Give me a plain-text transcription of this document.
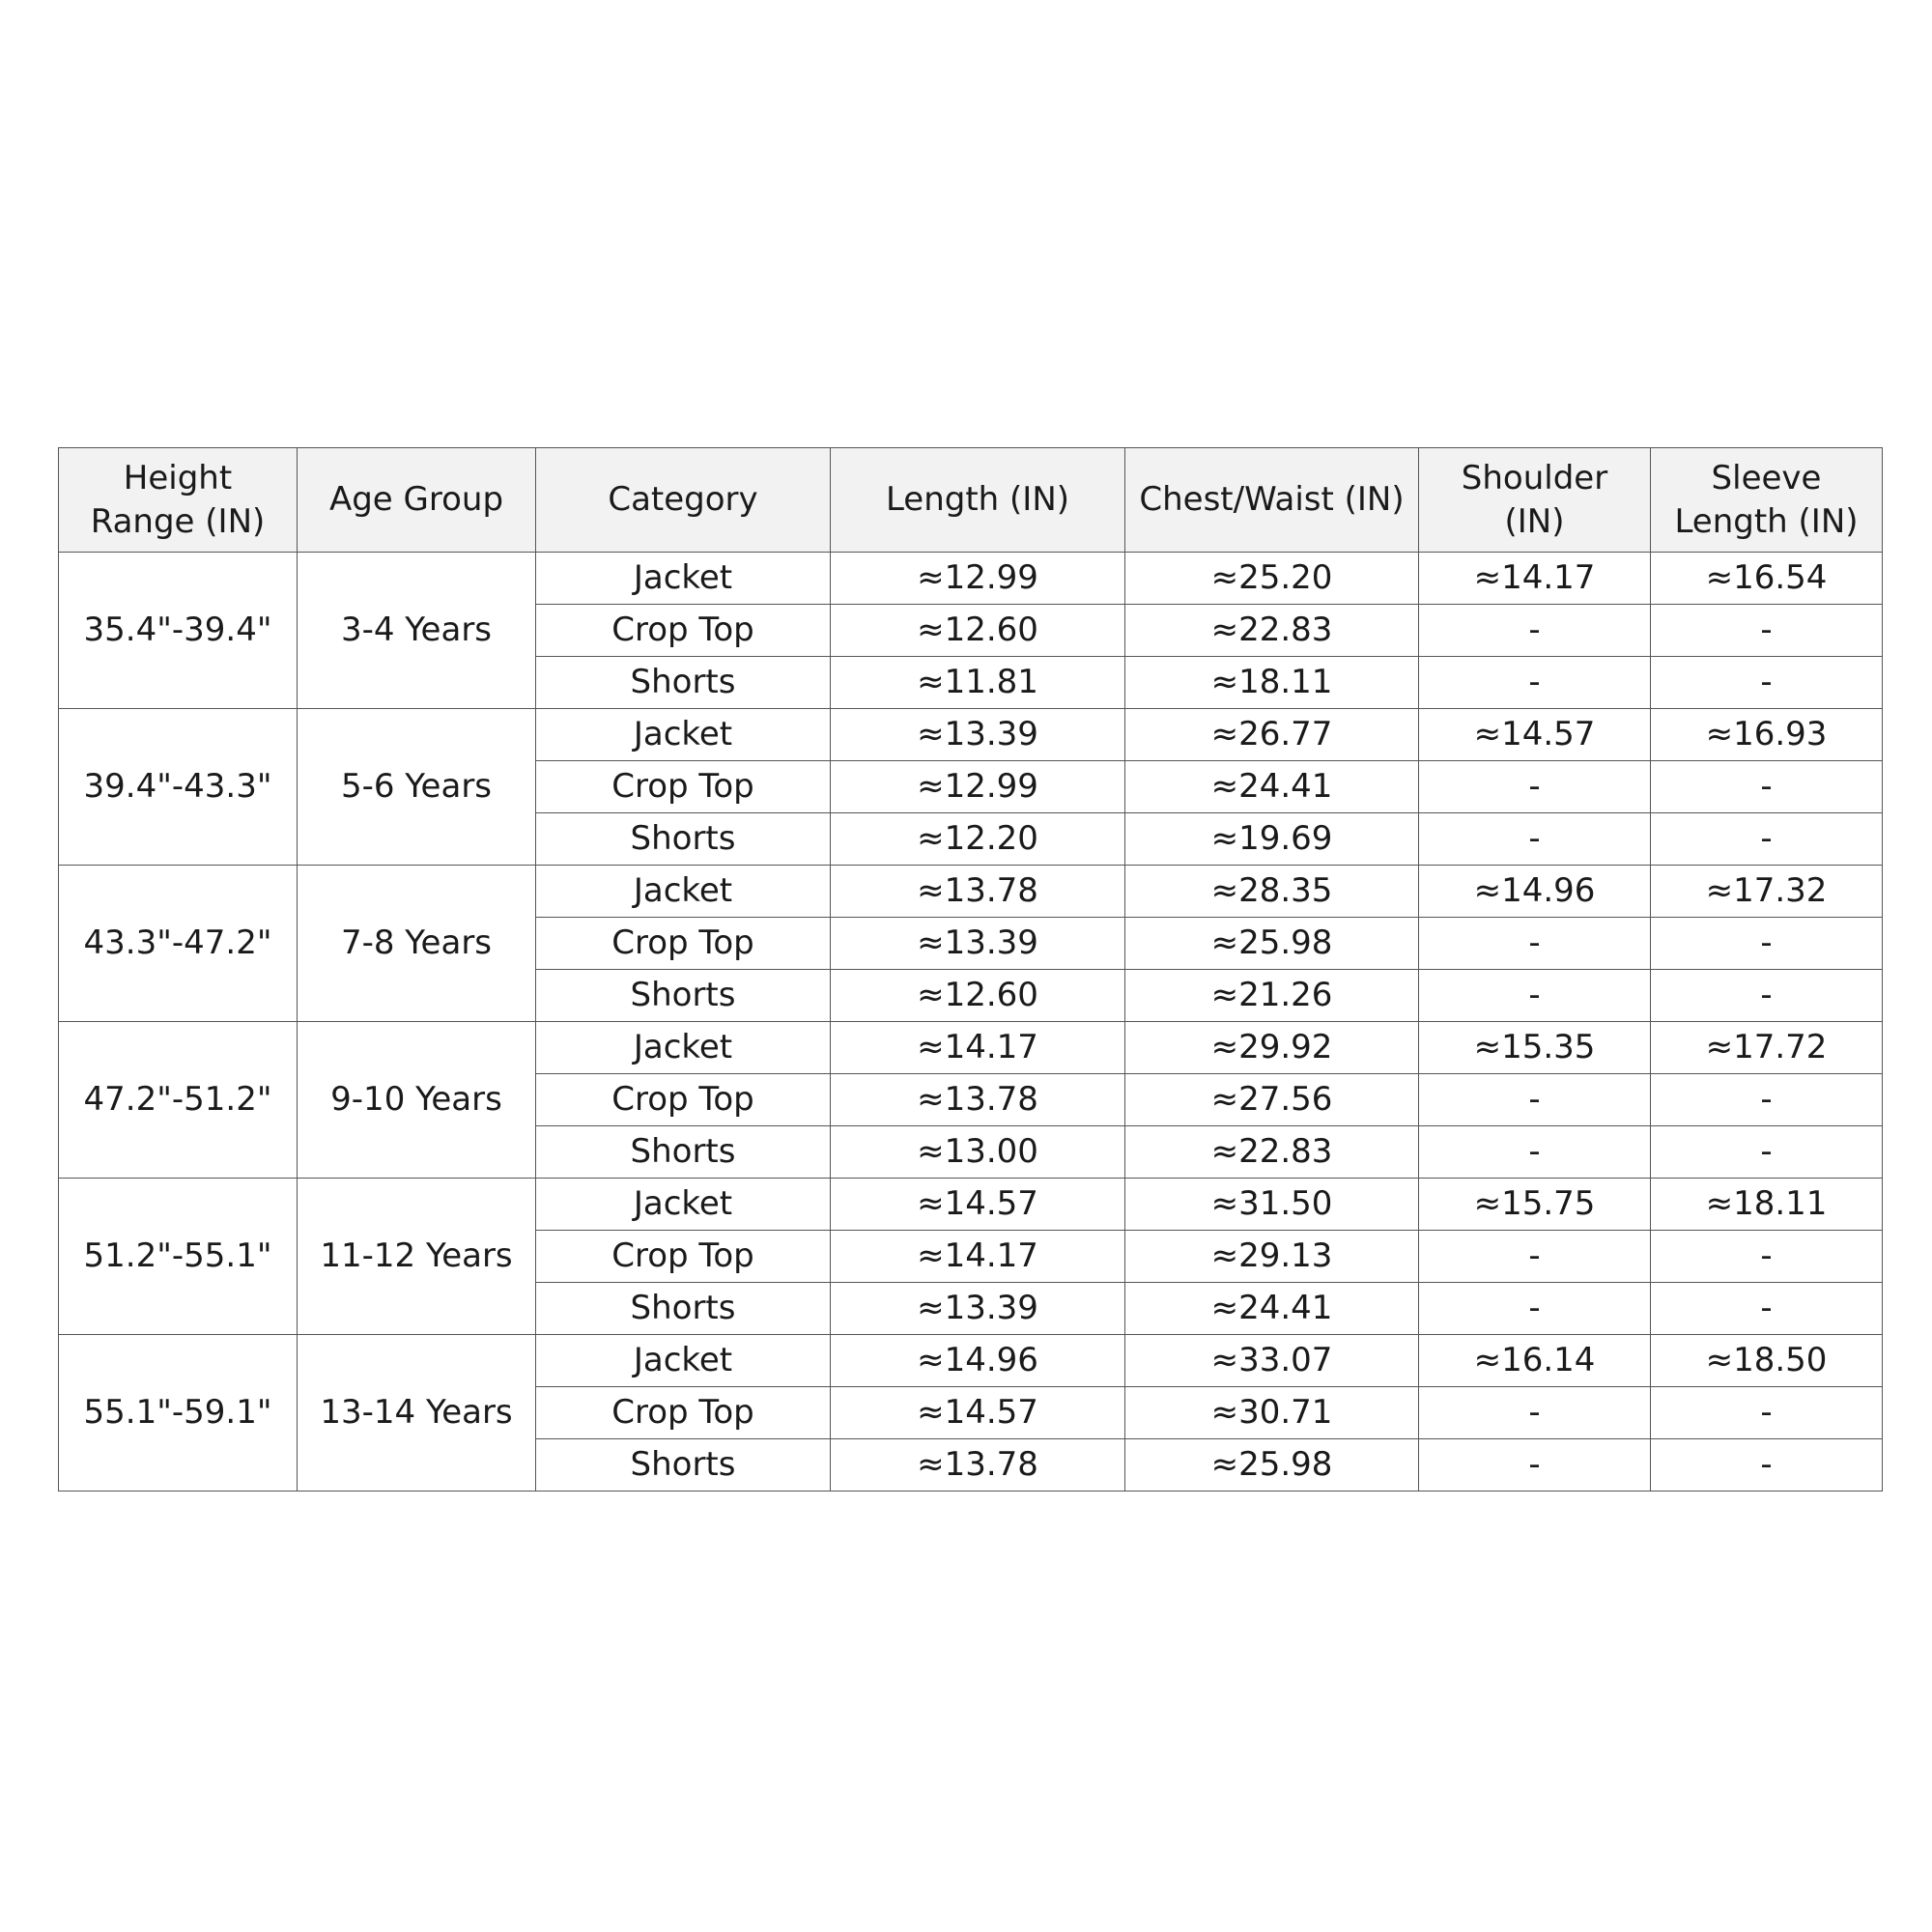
Height Range (IN)	Age Group	Category	Length (IN)	Chest/Waist (IN)	Shoulder (IN)	Sleeve Length (IN)
35.4"-39.4"	3-4 Years	Jacket	≈12.99	≈25.20	≈14.17	≈16.54
		Crop Top	≈12.60	≈22.83	-	-
		Shorts	≈11.81	≈18.11	-	-
39.4"-43.3"	5-6 Years	Jacket	≈13.39	≈26.77	≈14.57	≈16.93
		Crop Top	≈12.99	≈24.41	-	-
		Shorts	≈12.20	≈19.69	-	-
43.3"-47.2"	7-8 Years	Jacket	≈13.78	≈28.35	≈14.96	≈17.32
		Crop Top	≈13.39	≈25.98	-	-
		Shorts	≈12.60	≈21.26	-	-
47.2"-51.2"	9-10 Years	Jacket	≈14.17	≈29.92	≈15.35	≈17.72
		Crop Top	≈13.78	≈27.56	-	-
		Shorts	≈13.00	≈22.83	-	-
51.2"-55.1"	11-12 Years	Jacket	≈14.57	≈31.50	≈15.75	≈18.11
		Crop Top	≈14.17	≈29.13	-	-
		Shorts	≈13.39	≈24.41	-	-
55.1"-59.1"	13-14 Years	Jacket	≈14.96	≈33.07	≈16.14	≈18.50
		Crop Top	≈14.57	≈30.71	-	-
		Shorts	≈13.78	≈25.98	-	-
